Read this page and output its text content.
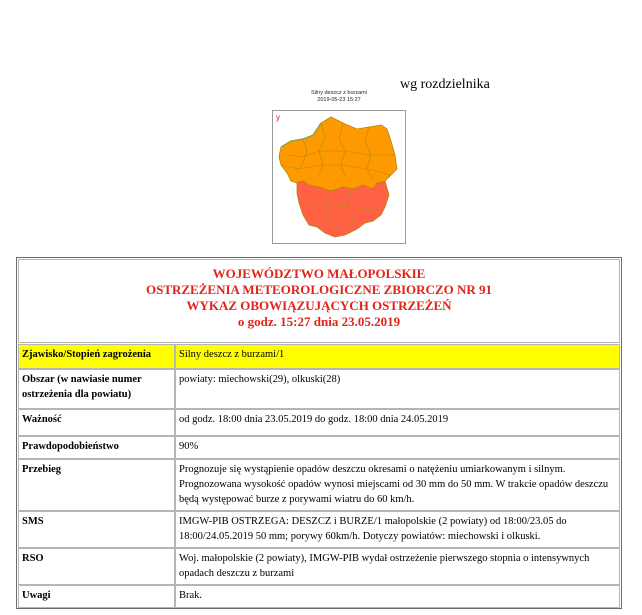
wg rozdzielnika
Silny deszcz z burzami
2019-05-23 15:27
y
WOJEWÓDZTWO MAŁOPOLSKIE
OSTRZEŻENIA METEOROLOGICZNE ZBIORCZO NR 91
WYKAZ OBOWIĄZUJĄCYCH OSTRZEŻEŃ
o godz. 15:27 dnia 23.05.2019
Zjawisko/Stopień zagrożenia	Silny deszcz z burzami/1
Obszar (w nawiasie numer ostrzeżenia dla powiatu)	powiaty: miechowski(29), olkuski(28)
Ważność	od godz. 18:00 dnia 23.05.2019 do godz. 18:00 dnia 24.05.2019
Prawdopodobieństwo	90%
Przebieg	Prognozuje się wystąpienie opadów deszczu okresami o natężeniu umiarkowanym i silnym. Prognozowana wysokość opadów wynosi miejscami od 30 mm do 50 mm. W trakcie opadów deszczu będą występować burze z porywami wiatru do 60 km/h.
SMS	IMGW-PIB OSTRZEGA: DESZCZ i BURZE/1 małopolskie (2 powiaty) od 18:00/23.05 do 18:00/24.05.2019 50 mm; porywy 60km/h. Dotyczy powiatów: miechowski i olkuski.
RSO	Woj. małopolskie (2 powiaty), IMGW-PIB wydał ostrzeżenie pierwszego stopnia o intensywnych opadach deszczu z burzami
Uwagi	Brak.
